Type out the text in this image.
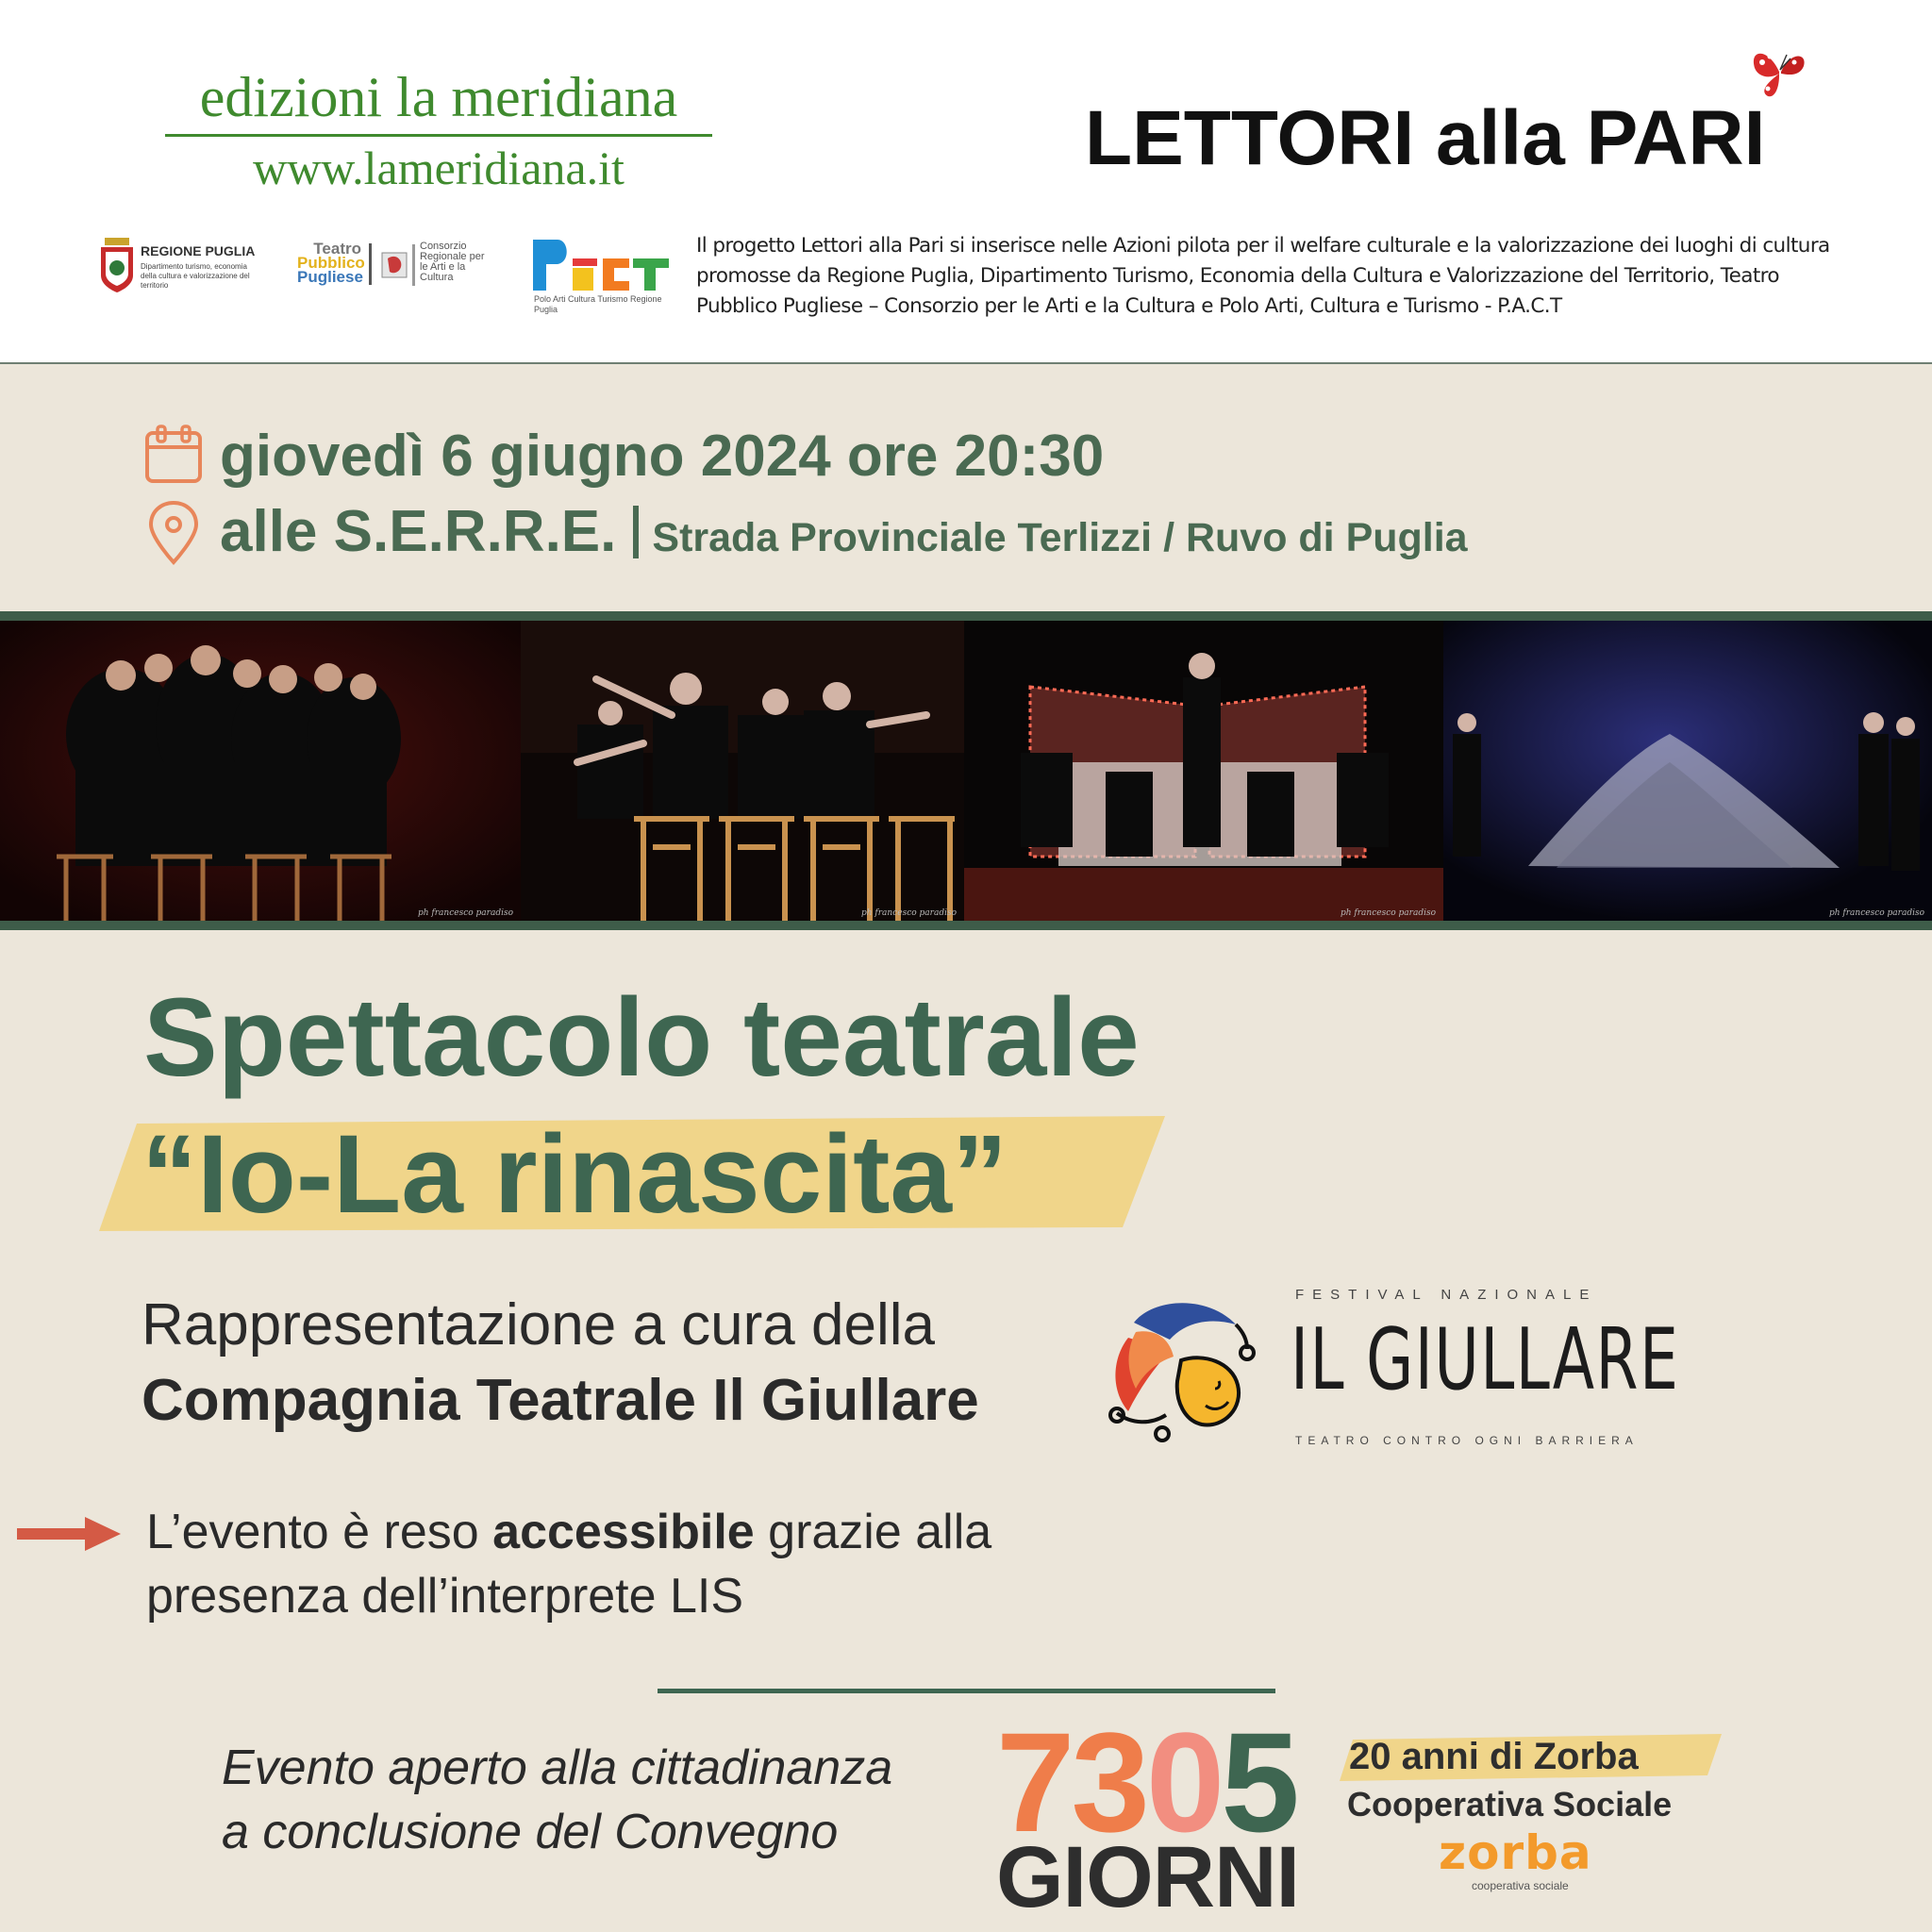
edizioni la meridiana
www.lameridiana.it	LETTORI alla PARI
REGIONE PUGLIA
Dipartimento turismo, economia della cultura e valorizzazione del territorio
Teatro
Pubblico
Pugliese
Consorzio Regionale per le Arti e la Cultura
Polo Arti Cultura Turismo Regione Puglia
Il progetto Lettori alla Pari si inserisce nelle Azioni pilota per il welfare culturale e la valorizzazione dei luoghi di cultura promosse da Regione Puglia, Dipartimento Turismo, Economia della Cultura e Valorizzazione del Territorio, Teatro Pubblico Pugliese – Consorzio per le Arti e la Cultura e Polo Arti, Cultura e Turismo - P.A.C.T
giovedì 6 giugno 2024 ore 20:30
alle S.E.R.R.E. Strada Provinciale Terlizzi / Ruvo di Puglia
ph francesco paradiso	ph francesco paradiso	ph francesco paradiso	ph francesco paradiso
Spettacolo teatrale
“Io-La rinascita”
Rappresentazione a cura della
Compagnia Teatrale Il Giullare
FESTIVAL NAZIONALE
IL GIULLARE
TEATRO CONTRO OGNI BARRIERA
L’evento è reso accessibile grazie alla
presenza dell’interprete LIS
Evento aperto alla cittadinanza
a conclusione del Convegno	7305
GIORNI
20 anni di Zorba
Cooperativa Sociale
zorba
cooperativa sociale
